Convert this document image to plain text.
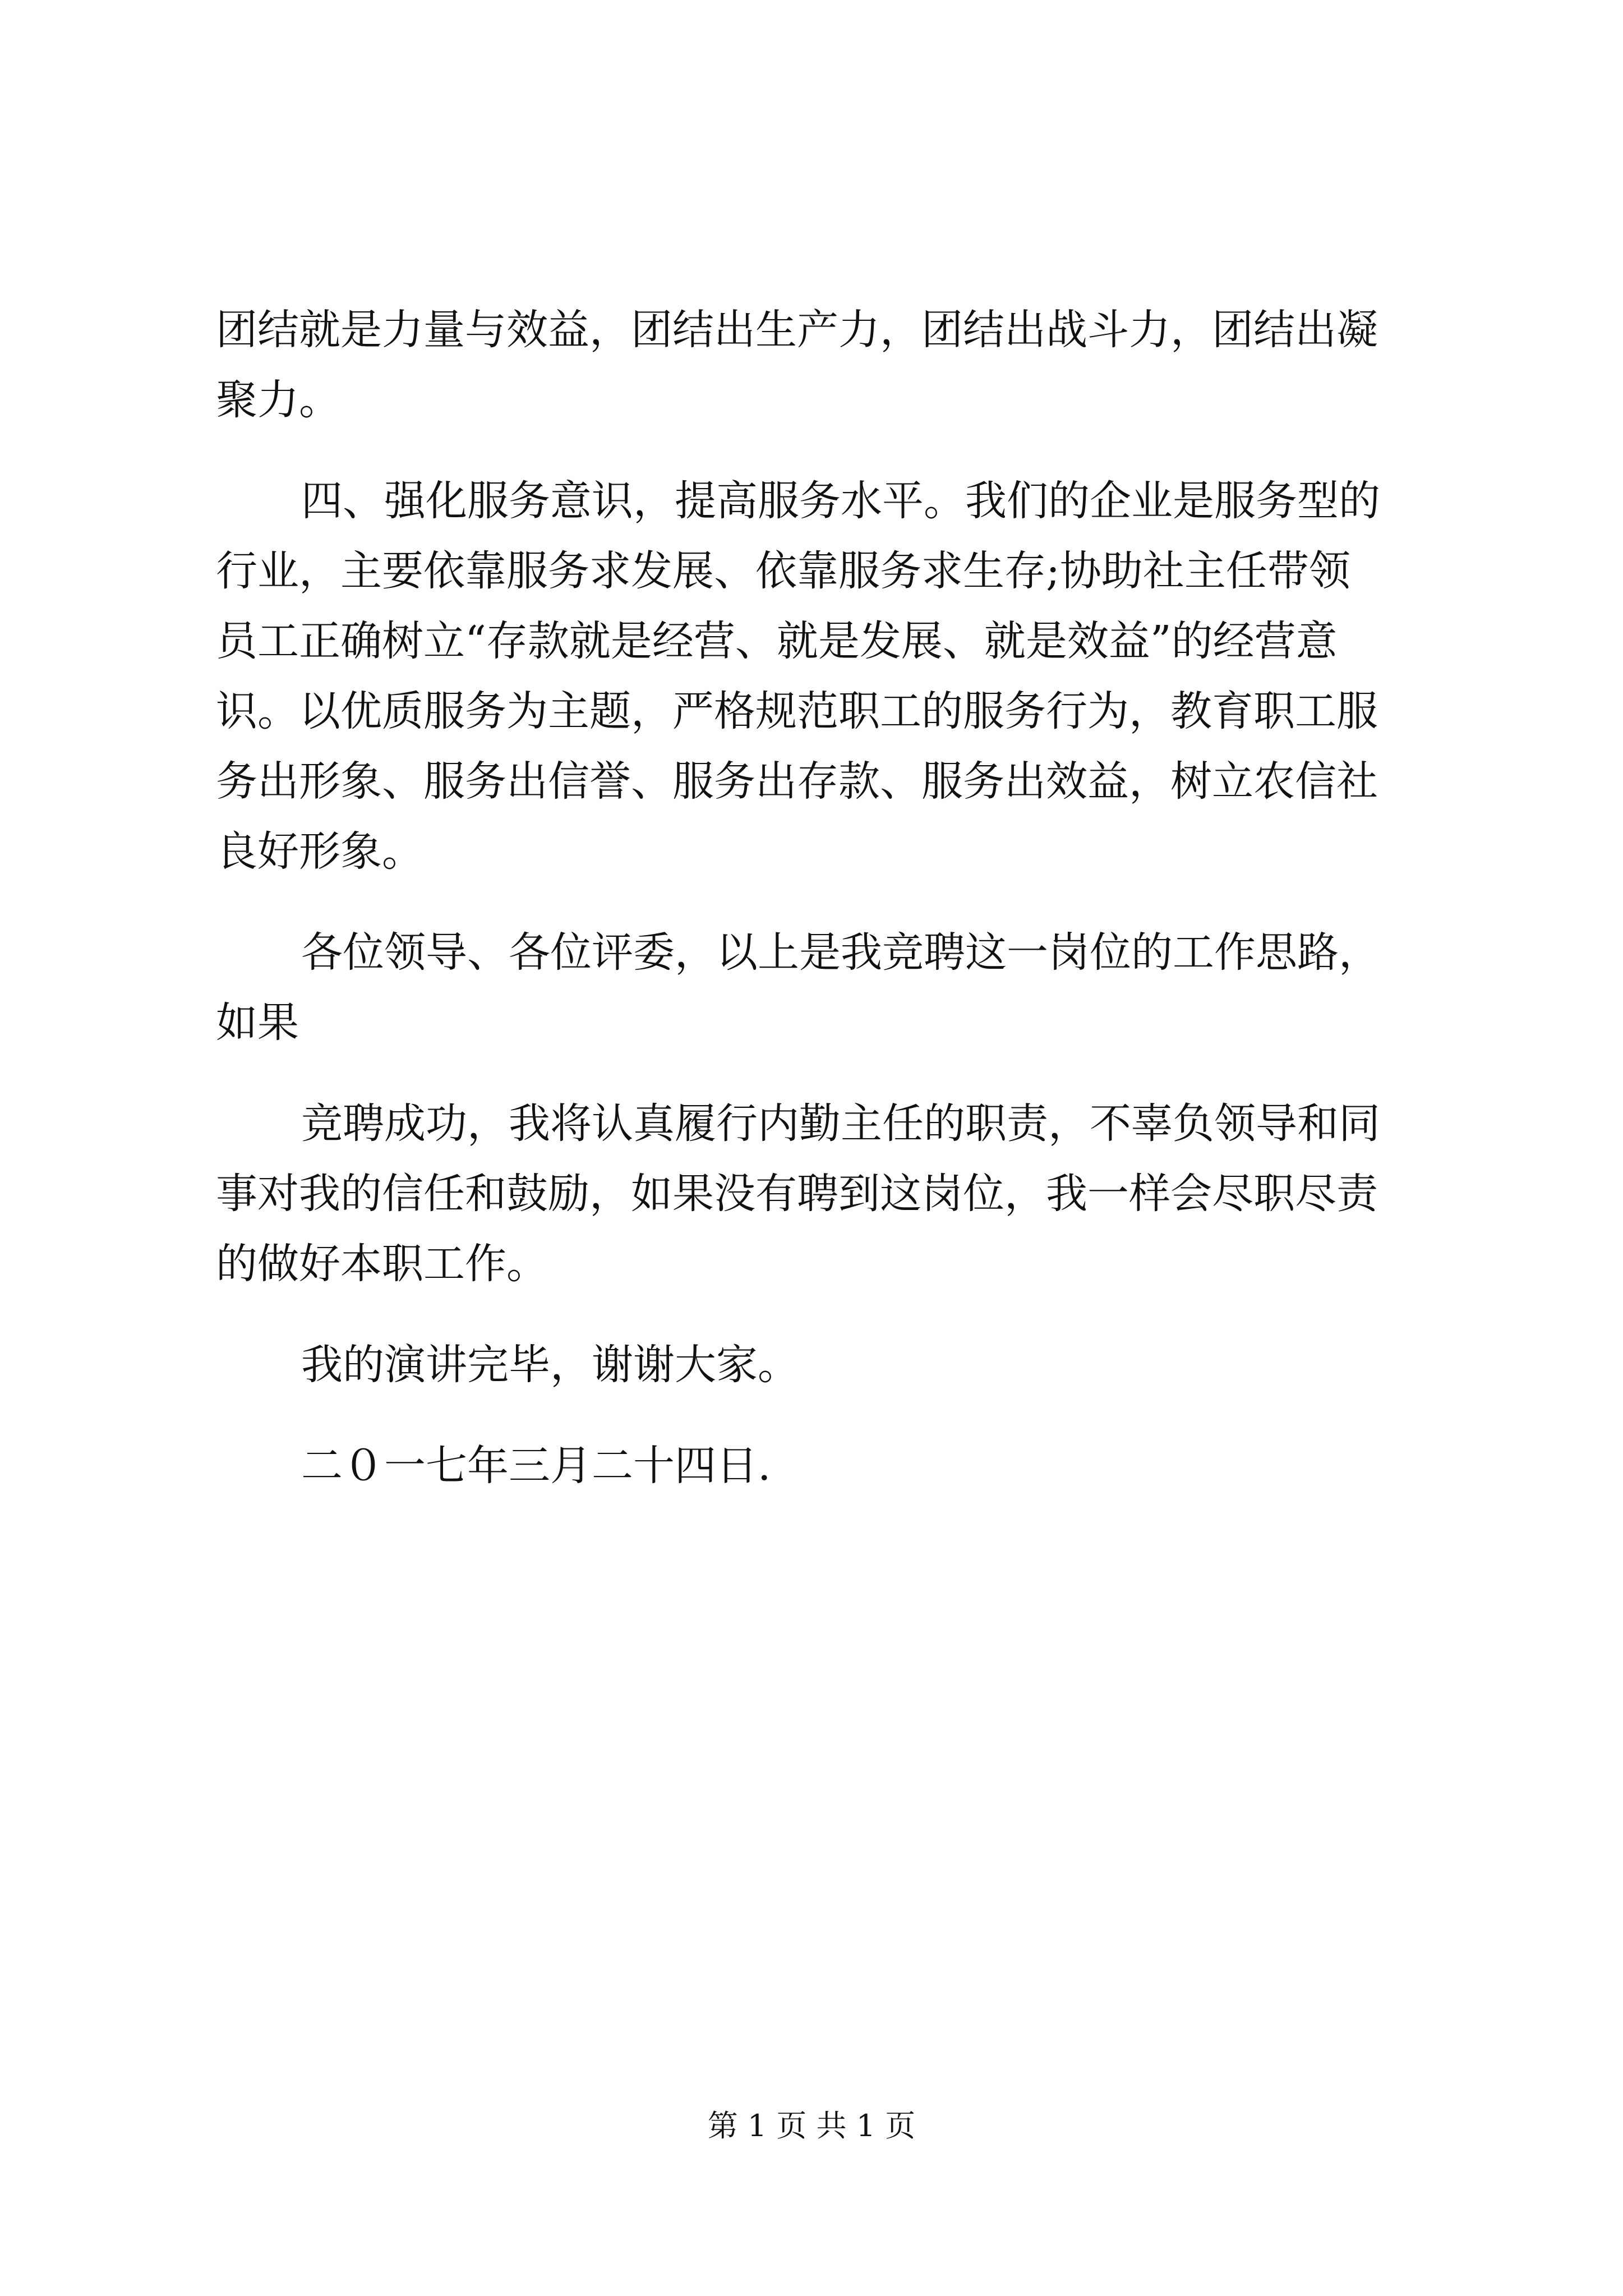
团结就是力量与效益，团结出生产力，团结出战斗力，团结出凝
聚力。
四、强化服务意识，提高服务水平。我们的企业是服务型的
行业，主要依靠服务求发展、依靠服务求生存;协助社主任带领
员工正确树立“存款就是经营、就是发展、就是效益”的经营意
识。以优质服务为主题，严格规范职工的服务行为，教育职工服
务出形象、服务出信誉、服务出存款、服务出效益，树立农信社
良好形象。
各位领导、各位评委，以上是我竞聘这一岗位的工作思路，
如果
竞聘成功，我将认真履行内勤主任的职责，不辜负领导和同
事对我的信任和鼓励，如果没有聘到这岗位，我一样会尽职尽责
的做好本职工作。
我的演讲完毕，谢谢大家。
二０一七年三月二十四日.
第 1 页 共 1 页
